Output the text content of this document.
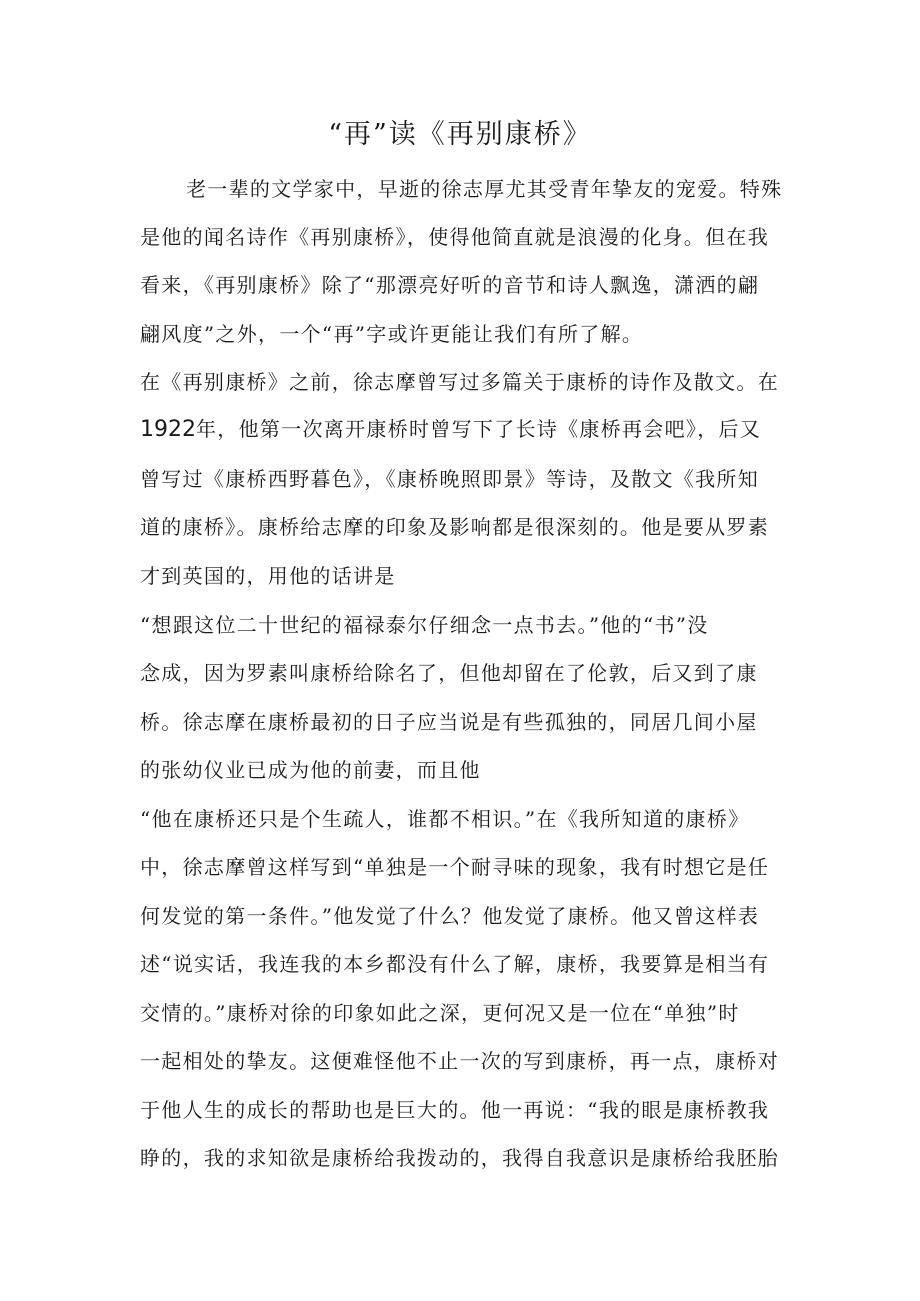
“再”读《再别康桥》
老一辈的文学家中，早逝的徐志厚尤其受青年挚友的宠爱。特殊
是他的闻名诗作《再别康桥》，使得他简直就是浪漫的化身。但在我
看来，《再别康桥》除了“那漂亮好听的音节和诗人飘逸，潇洒的翩
翩风度”之外，一个“再”字或许更能让我们有所了解。
在《再别康桥》之前，徐志摩曾写过多篇关于康桥的诗作及散文。在
1922年，他第一次离开康桥时曾写下了长诗《康桥再会吧》，后又
曾写过《康桥西野暮色》，《康桥晚照即景》等诗，及散文《我所知
道的康桥》。康桥给志摩的印象及影响都是很深刻的。他是要从罗素
才到英国的，用他的话讲是
“想跟这位二十世纪的福禄泰尔仔细念一点书去。”他的“书”没
念成，因为罗素叫康桥给除名了，但他却留在了伦敦，后又到了康
桥。徐志摩在康桥最初的日子应当说是有些孤独的，同居几间小屋
的张幼仪业已成为他的前妻，而且他
“他在康桥还只是个生疏人，谁都不相识。”在《我所知道的康桥》
中，徐志摩曾这样写到“单独是一个耐寻味的现象，我有时想它是任
何发觉的第一条件。”他发觉了什么？他发觉了康桥。他又曾这样表
述“说实话，我连我的本乡都没有什么了解，康桥，我要算是相当有
交情的。”康桥对徐的印象如此之深，更何况又是一位在“单独”时
一起相处的挚友。这便难怪他不止一次的写到康桥，再一点，康桥对
于他人生的成长的帮助也是巨大的。他一再说：“我的眼是康桥教我
睁的，我的求知欲是康桥给我拨动的，我得自我意识是康桥给我胚胎
